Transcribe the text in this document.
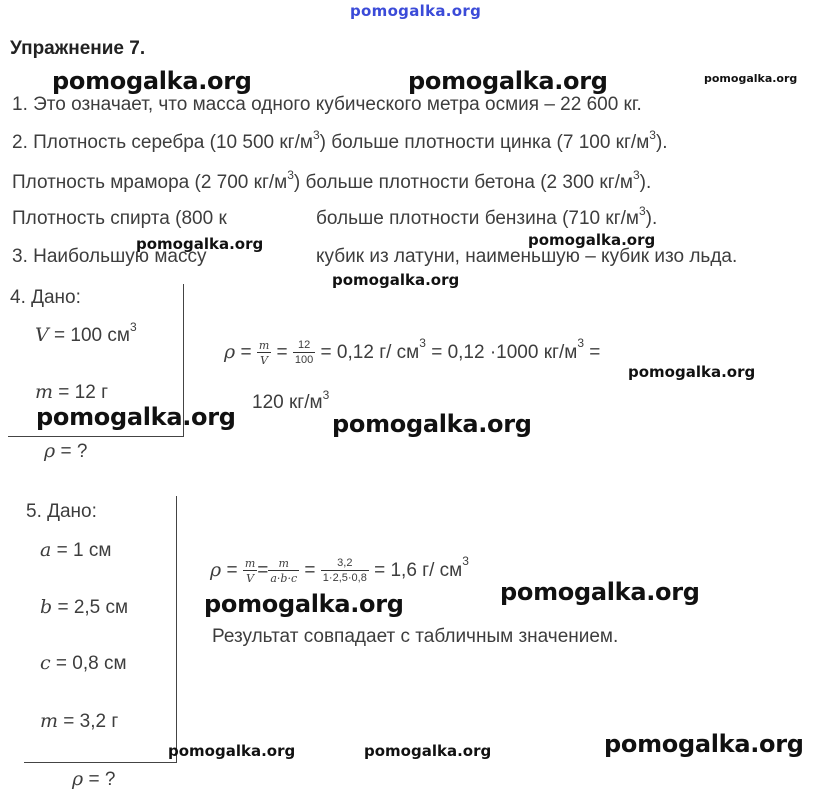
pomogalka.org
Упражнение 7.
pomogalka.org	pomogalka.org	pomogalka.org
1. Это означает, что масса одного кубического метра осмия – 22 600 кг.
2. Плотность серебра (10 500 $кг/м^3$) больше плотности цинка (7 100 $кг/м^3$).
Плотность мрамора (2 700 $кг/м^3$) больше плотности бетона (2 300 $кг/м^3$).
Плотность спирта (800 к	больше плотности бензина (710 $кг/м^3$).
3. Наибольшую массу	кубик из латуни, наименьшую – кубик изо льда.
pomogalka.org	pomogalka.org
pomogalka.org
4. Дано:
V = 100 $см^3$
m = 12 г
ρ = ?
$\rho = \frac{m}{V} = \frac{12}{100} = 0,12$ г/ $см^3 = 0,12 \cdot 1000$ $кг/м^3$ =
120 $кг/м^3$
pomogalka.org
pomogalka.org	pomogalka.org
5. Дано:
a = 1 см
b = 2,5 см
c = 0,8 см
m = 3,2 г
ρ = ?
$\rho = \frac{m}{V} = \frac{m}{a\cdot b\cdot c} = \frac{3,2}{1\cdot 2,5\cdot 0,8} = 1,6$ г/ $см^3$
pomogalka.org	pomogalka.org
Результат совпадает с табличным значением.
pomogalka.org	pomogalka.org	pomogalka.org
